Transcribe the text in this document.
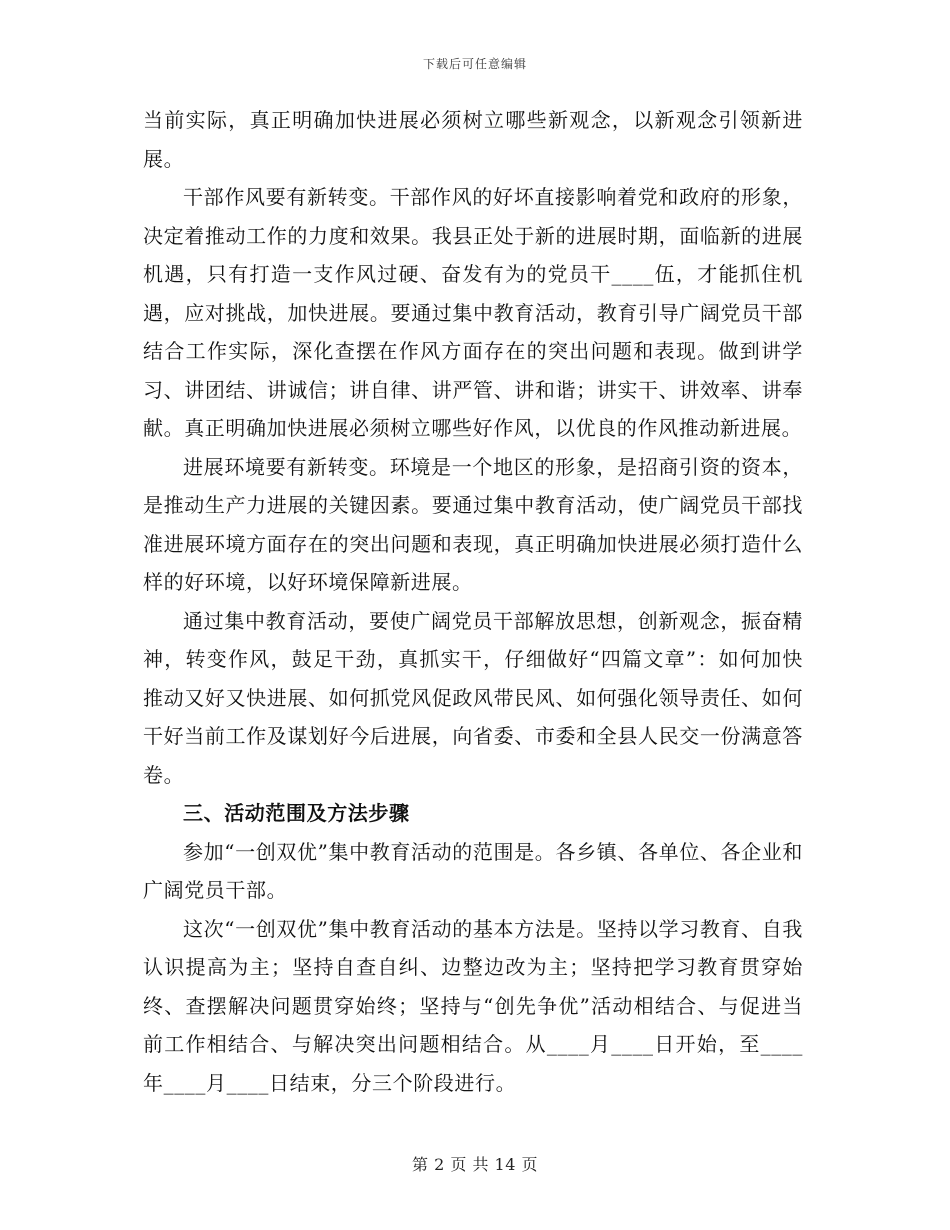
下载后可任意编辑

当前实际，真正明确加快进展必须树立哪些新观念，以新观念引领新进展。

干部作风要有新转变。干部作风的好坏直接影响着党和政府的形象，决定着推动工作的力度和效果。我县正处于新的进展时期，面临新的进展机遇，只有打造一支作风过硬、奋发有为的党员干____伍，才能抓住机遇，应对挑战，加快进展。要通过集中教育活动，教育引导广阔党员干部结合工作实际，深化查摆在作风方面存在的突出问题和表现。做到讲学习、讲团结、讲诚信；讲自律、讲严管、讲和谐；讲实干、讲效率、讲奉献。真正明确加快进展必须树立哪些好作风，以优良的作风推动新进展。

进展环境要有新转变。环境是一个地区的形象，是招商引资的资本，是推动生产力进展的关键因素。要通过集中教育活动，使广阔党员干部找准进展环境方面存在的突出问题和表现，真正明确加快进展必须打造什么样的好环境，以好环境保障新进展。

通过集中教育活动，要使广阔党员干部解放思想，创新观念，振奋精神，转变作风，鼓足干劲，真抓实干，仔细做好“四篇文章”：如何加快推动又好又快进展、如何抓党风促政风带民风、如何强化领导责任、如何干好当前工作及谋划好今后进展，向省委、市委和全县人民交一份满意答卷。

三、活动范围及方法步骤

参加“一创双优”集中教育活动的范围是。各乡镇、各单位、各企业和广阔党员干部。

这次“一创双优”集中教育活动的基本方法是。坚持以学习教育、自我认识提高为主；坚持自查自纠、边整边改为主；坚持把学习教育贯穿始终、查摆解决问题贯穿始终；坚持与“创先争优”活动相结合、与促进当前工作相结合、与解决突出问题相结合。从____月____日开始，至____年____月____日结束，分三个阶段进行。

第 2 页 共 14 页
